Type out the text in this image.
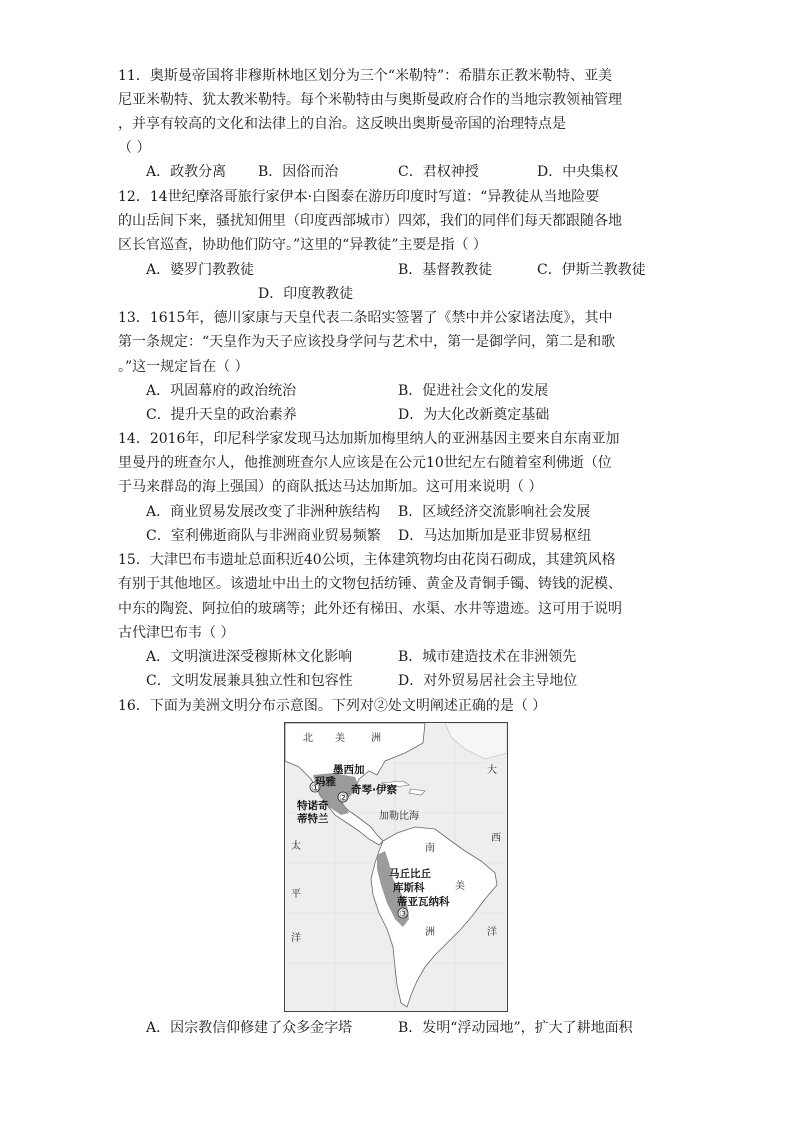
11．奥斯曼帝国将非穆斯林地区划分为三个“米勒特”：希腊东正教米勒特、亚美
尼亚米勒特、犹太教米勒特。每个米勒特由与奥斯曼政府合作的当地宗教领袖管理
，并享有较高的文化和法律上的自治。这反映出奥斯曼帝国的治理特点是
（ ）
A．政教分离 B．因俗而治	C．君权神授	D．中央集权
12．14世纪摩洛哥旅行家伊本·白图泰在游历印度时写道：“异教徒从当地险要
的山岳间下来，骚扰知佣里（印度西部城市）四郊，我们的同伴们每天都跟随各地
区长官巡查，协助他们防守。”这里的“异教徒”主要是指（ ）
A．婆罗门教教徒	B．基督教教徒	C．伊斯兰教教徒
D．印度教教徒
13．1615年，德川家康与天皇代表二条昭实签署了《禁中并公家诸法度》，其中
第一条规定：“天皇作为天子应该投身学问与艺术中，第一是御学问，第二是和歌
。”这一规定旨在（ ）
A．巩固幕府的政治统治	B．促进社会文化的发展
C．提升天皇的政治素养	D．为大化改新奠定基础
14．2016年，印尼科学家发现马达加斯加梅里纳人的亚洲基因主要来自东南亚加
里曼丹的班查尔人，他推测班查尔人应该是在公元10世纪左右随着室利佛逝（位
于马来群岛的海上强国）的商队抵达马达加斯加。这可用来说明（ ）
A．商业贸易发展改变了非洲种族结构 B．区域经济交流影响社会发展
C．室利佛逝商队与非洲商业贸易频繁 D．马达加斯加是亚非贸易枢纽
15．大津巴布韦遗址总面积近40公顷，主体建筑物均由花岗石砌成，其建筑风格
有别于其他地区。该遗址中出土的文物包括纺锤、黄金及青铜手镯、铸钱的泥模、
中东的陶瓷、阿拉伯的玻璃等；此外还有梯田、水渠、水井等遗迹。这可用于说明
古代津巴布韦（ ）
A．文明演进深受穆斯林文化影响	B．城市建造技术在非洲领先
C．文明发展兼具独立性和包容性	D．对外贸易居社会主导地位
16．下面为美洲文明分布示意图。下列对②处文明阐述正确的是（ ）
①
②
③
北 美	洲
大
西
洋
太
平
洋
南
美
洲
加勒比海
墨西加
玛雅
奇琴·伊察
特诺奇
蒂特兰
马丘比丘
库斯科
蒂亚瓦纳科
A．因宗教信仰修建了众多金字塔	B．发明“浮动园地”，扩大了耕地面积
